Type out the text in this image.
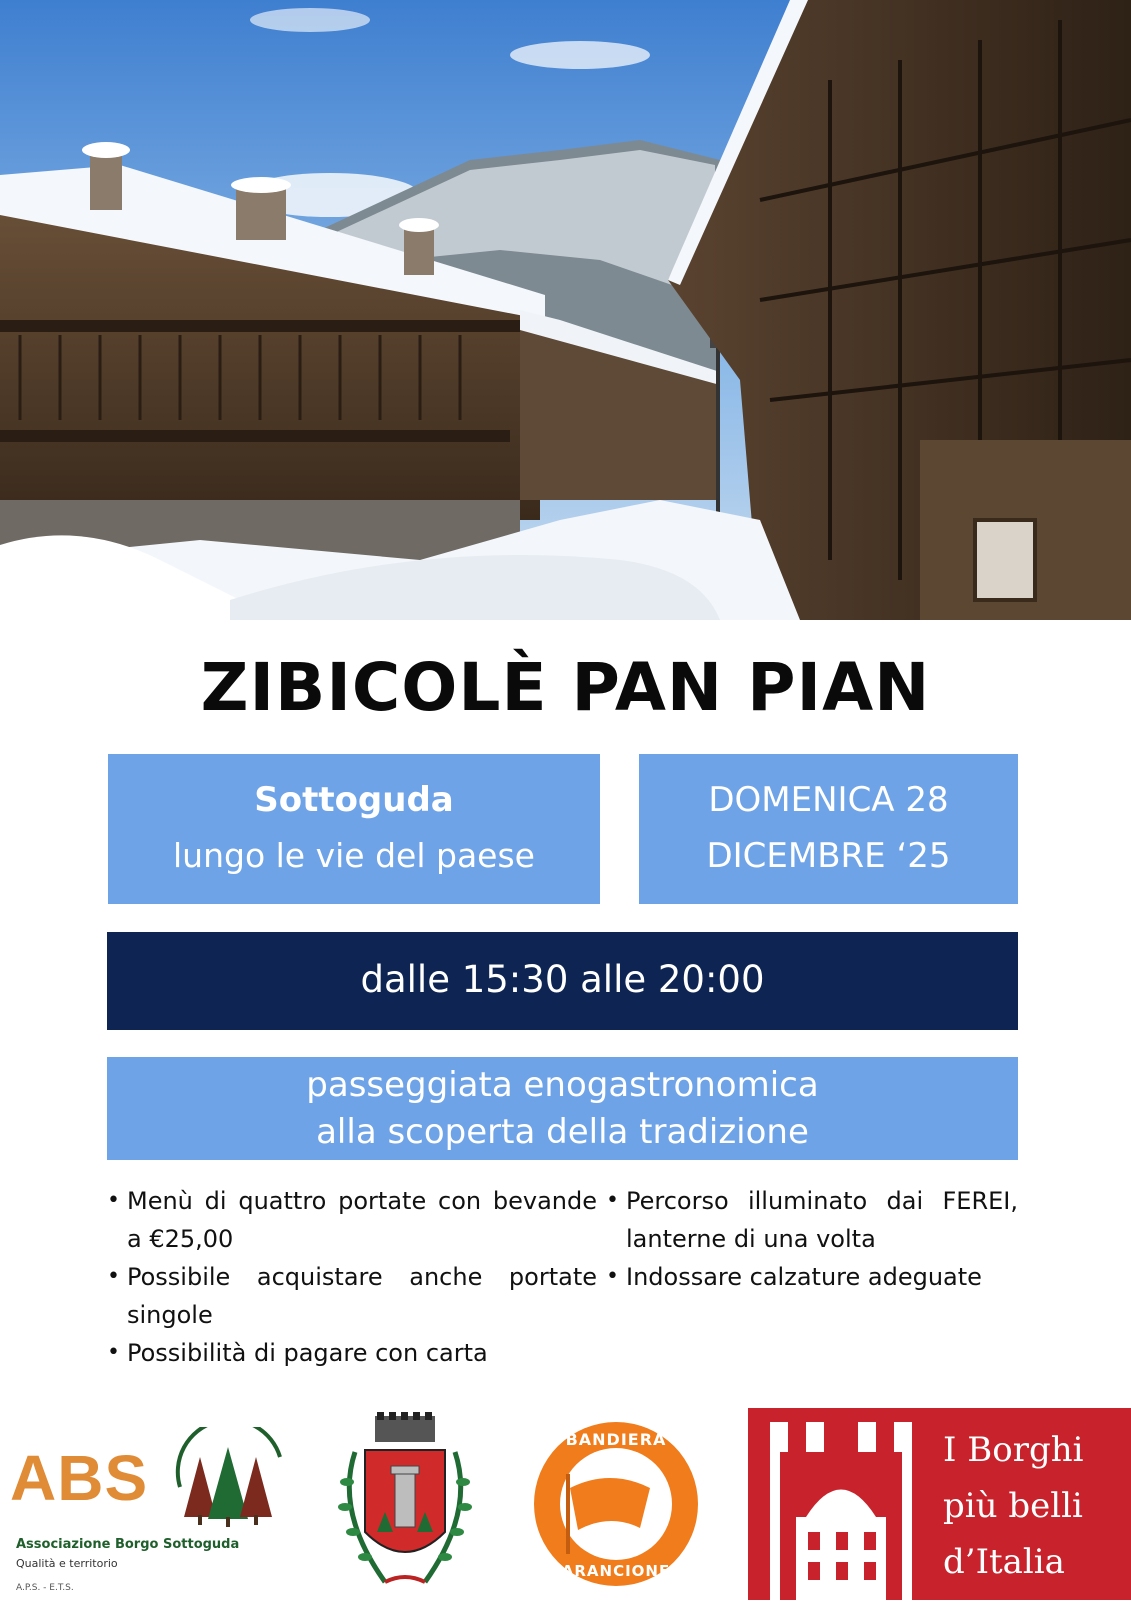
ZIBICOLÈ PAN PIAN
Sottoguda
lungo le vie del paese
DOMENICA 28
DICEMBRE ‘25
dalle 15:30 alle 20:00
passeggiata enogastronomica
alla scoperta della tradizione
• Menù di quattro portate con bevande a €25,00
• Possibile acquistare anche portate singole
• Possibilità di pagare con carta
• Percorso illuminato dai FEREI, lanterne di una volta
• Indossare calzature adeguate
ABS
Associazione Borgo Sottoguda
Qualità e territorio
A.P.S. - E.T.S.
BANDIERA
ARANCIONE
I Borghi
più belli
d’Italia
